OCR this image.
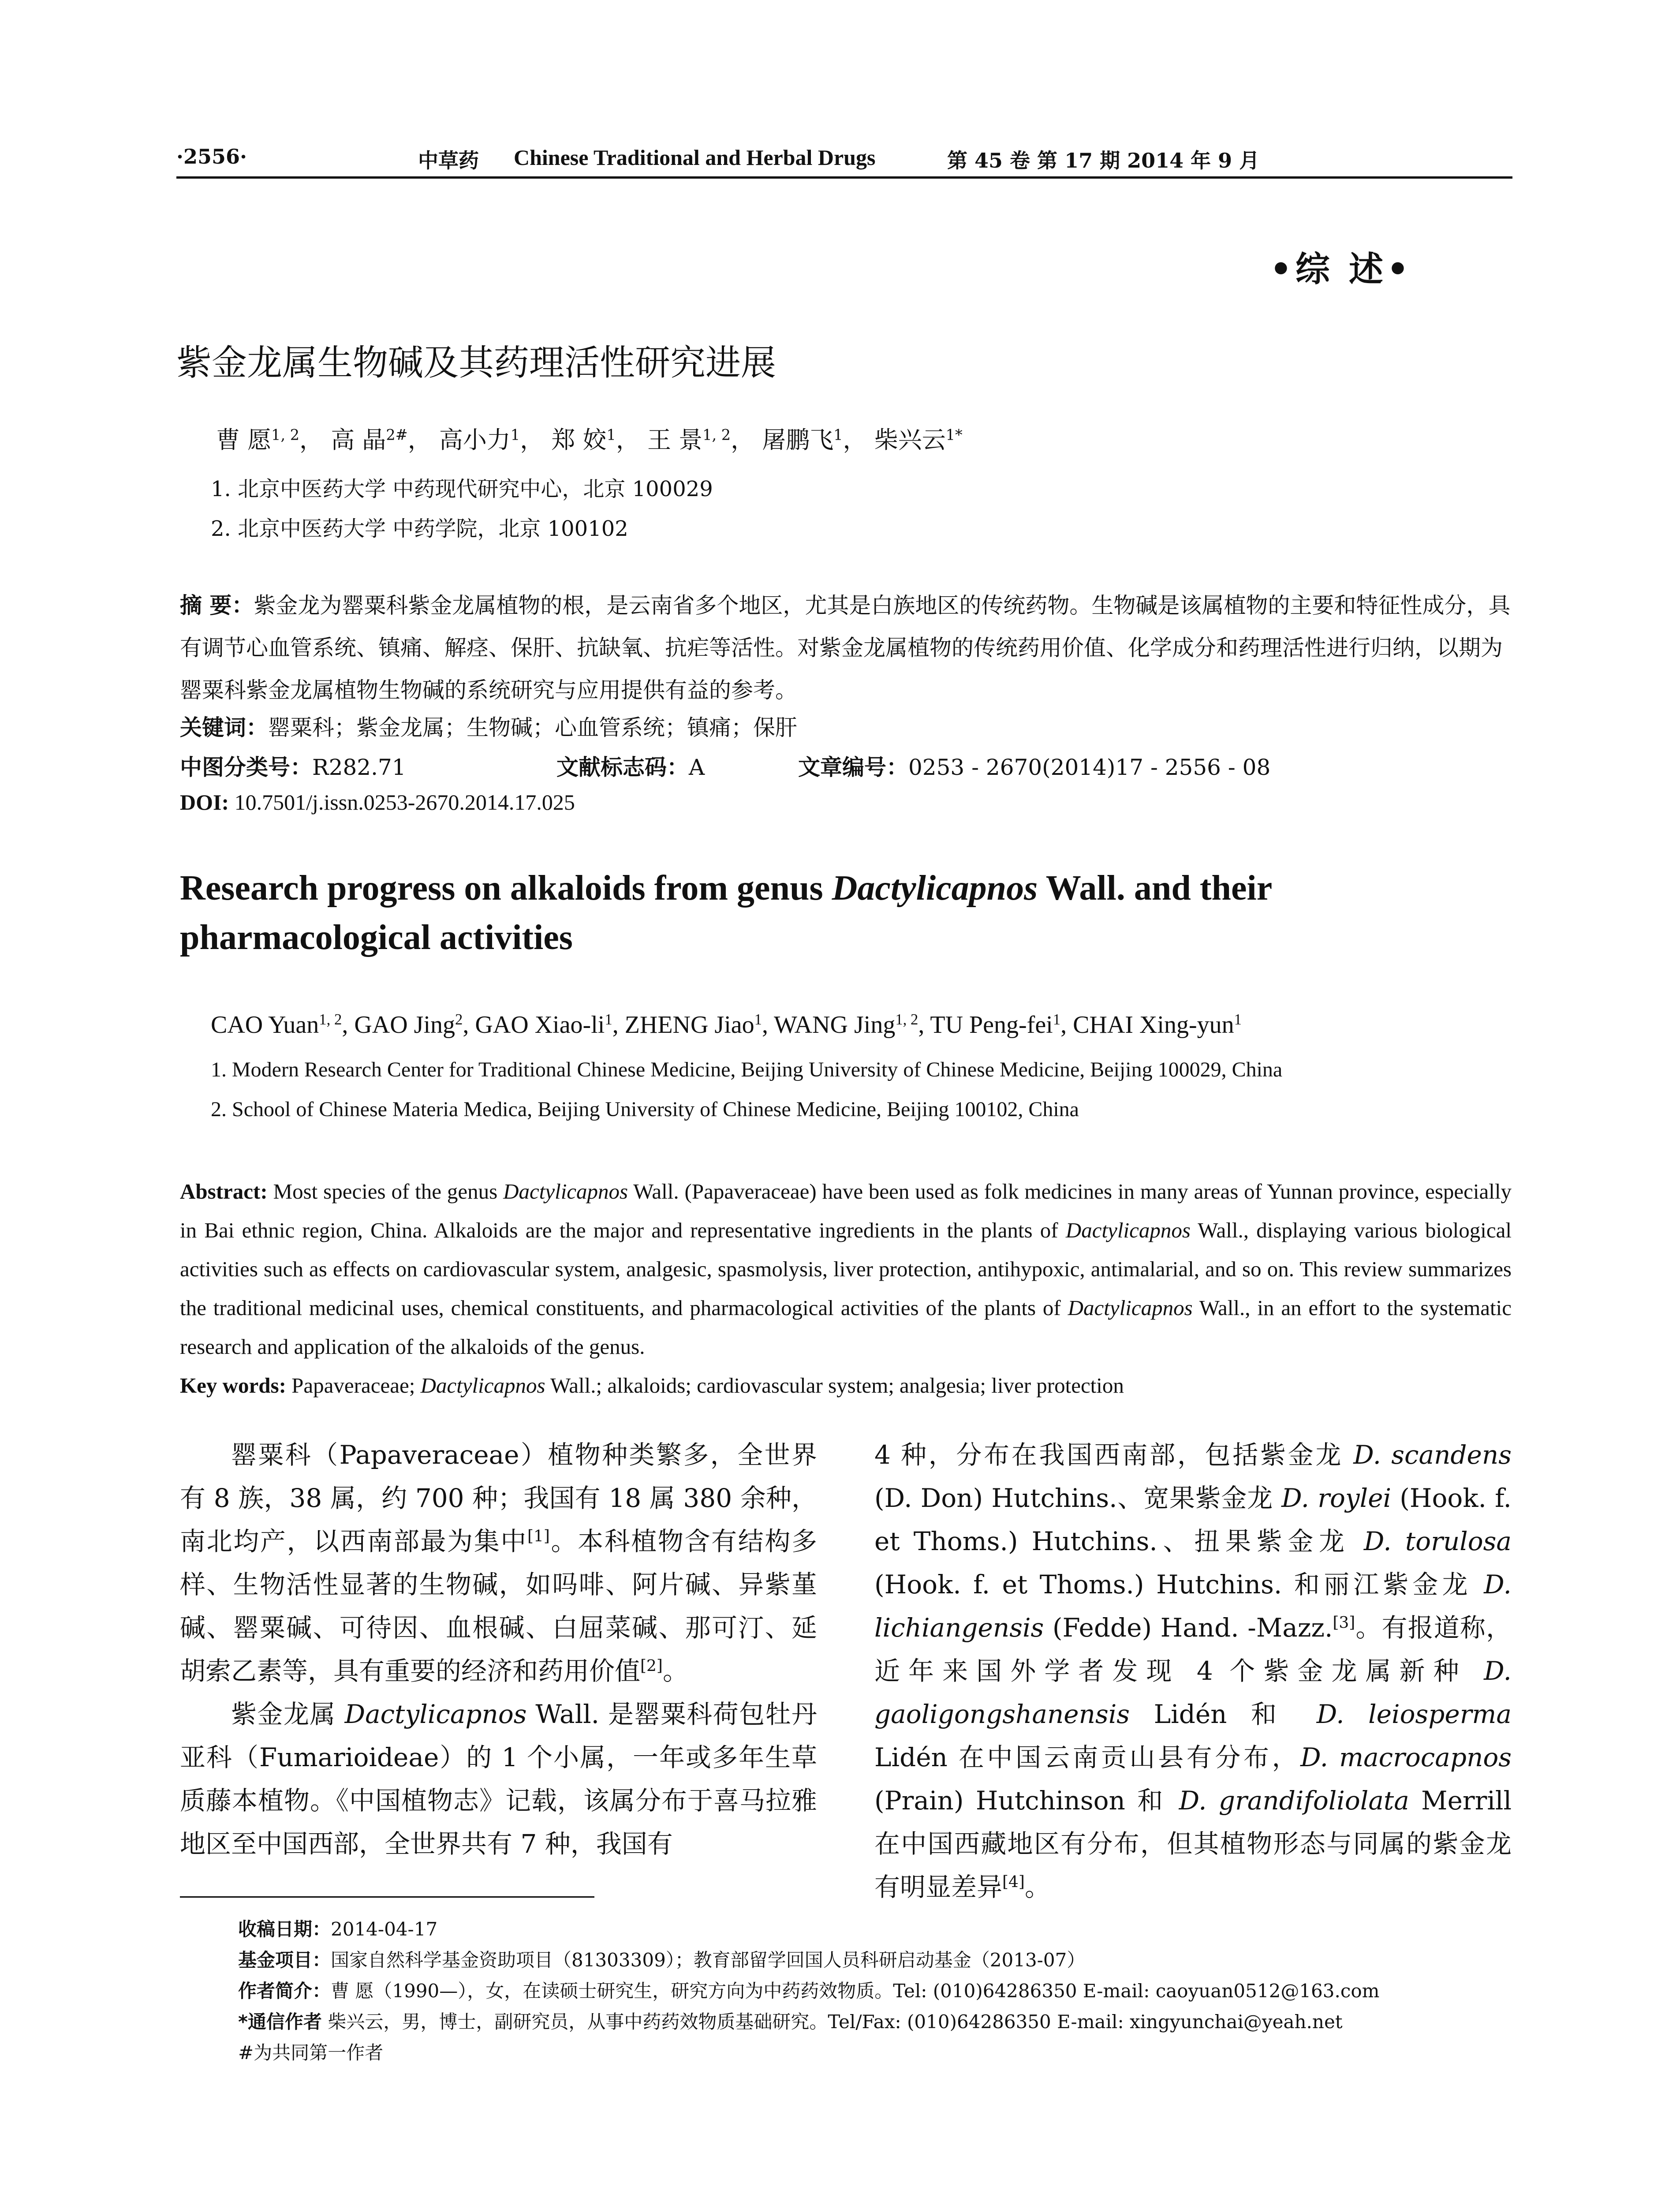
·2556·	中草药 Chinese Traditional and Herbal Drugs	第 45 卷 第 17 期 2014 年 9 月
•综 述•
紫金龙属生物碱及其药理活性研究进展
曹 愿$^{1, 2}$， 高 晶$^{2\#}$， 高小力$^1$， 郑 姣$^1$， 王 景$^{1, 2}$， 屠鹏飞$^1$， 柴兴云$^{1*}$
1. 北京中医药大学 中药现代研究中心，北京 100029
2. 北京中医药大学 中药学院，北京 100102
摘 要：紫金龙为罂粟科紫金龙属植物的根，是云南省多个地区，尤其是白族地区的传统药物。生物碱是该属植物的主要和特征性成分，具有调节心血管系统、镇痛、解痉、保肝、抗缺氧、抗疟等活性。对紫金龙属植物的传统药用价值、化学成分和药理活性进行归纳，以期为罂粟科紫金龙属植物生物碱的系统研究与应用提供有益的参考。
关键词：罂粟科；紫金龙属；生物碱；心血管系统；镇痛；保肝
中图分类号：R282.71	文献标志码：A	文章编号：0253 - 2670(2014)17 - 2556 - 08
DOI: 10.7501/j.issn.0253-2670.2014.17.025
Research progress on alkaloids from genus Dactylicapnos Wall. and their pharmacological activities
CAO Yuan$^{1, 2}$, GAO Jing$^2$, GAO Xiao-$li^1$, ZHENG Jiao$^1$, WANG Jing$^{1, 2}$, TU Peng-fei$^1$, CHAI Xing-yun$^1$
1. Modern Research Center for Traditional Chinese Medicine, Beijing University of Chinese Medicine, Beijing 100029, China
2. School of Chinese Materia Medica, Beijing University of Chinese Medicine, Beijing 100102, China
Abstract: Most species of the genus Dactylicapnos Wall. (Papaveraceae) have been used as folk medicines in many areas of Yunnan province, especially in Bai ethnic region, China. Alkaloids are the major and representative ingredients in the plants of Dactylicapnos Wall., displaying various biological activities such as effects on cardiovascular system, analgesic, spasmolysis, liver protection, antihypoxic, antimalarial, and so on. This review summarizes the traditional medicinal uses, chemical constituents, and pharmacological activities of the plants of Dactylicapnos Wall., in an effort to the systematic research and application of the alkaloids of the genus.
Key words: Papaveraceae; Dactylicapnos Wall.; alkaloids; cardiovascular system; analgesia; liver protection

罂粟科（Papaveraceae）植物种类繁多，全世界有 8 族，38 属，约 700 种；我国有 18 属 380 余种，南北均产，以西南部最为集中[1]。本科植物含有结构多样、生物活性显著的生物碱，如吗啡、阿片碱、异紫堇碱、罂粟碱、可待因、血根碱、白屈菜碱、那可汀、延胡索乙素等，具有重要的经济和药用价值[2]。

紫金龙属 Dactylicapnos Wall. 是罂粟科荷包牡丹亚科（Fumarioideae）的 1 个小属，一年或多年生草质藤本植物。《中国植物志》记载，该属分布于喜马拉雅地区至中国西部，全世界共有 7 种，我国有

4 种，分布在我国西南部，包括紫金龙 D. scandens (D. Don) Hutchins.、宽果紫金龙 D. roylei (Hook. f. et Thoms.) Hutchins.、扭果紫金龙 D. torulosa (Hook. f. et Thoms.) Hutchins. 和丽江紫金龙 D. lichiangensis (Fedde) Hand. -Mazz.[3]。有报道称，近年来国外学者发现 4 个紫金龙属新种 D. gaoligongshanensis Lidén 和 D. leiosperma Lidén 在中国云南贡山县有分布，D. macrocapnos (Prain) Hutchinson 和 D. grandifoliolata Merrill 在中国西藏地区有分布，但其植物形态与同属的紫金龙有明显差异[4]。

收稿日期：2014-04-17
基金项目：国家自然科学基金资助项目（81303309）；教育部留学回国人员科研启动基金（2013-07）
作者简介：曹 愿（1990—），女，在读硕士研究生，研究方向为中药药效物质。Tel: (010)64286350 E-mail: caoyuan0512@163.com
*通信作者 柴兴云，男，博士，副研究员，从事中药药效物质基础研究。Tel/Fax: (010)64286350 E-mail: xingyunchai@yeah.net
#为共同第一作者
